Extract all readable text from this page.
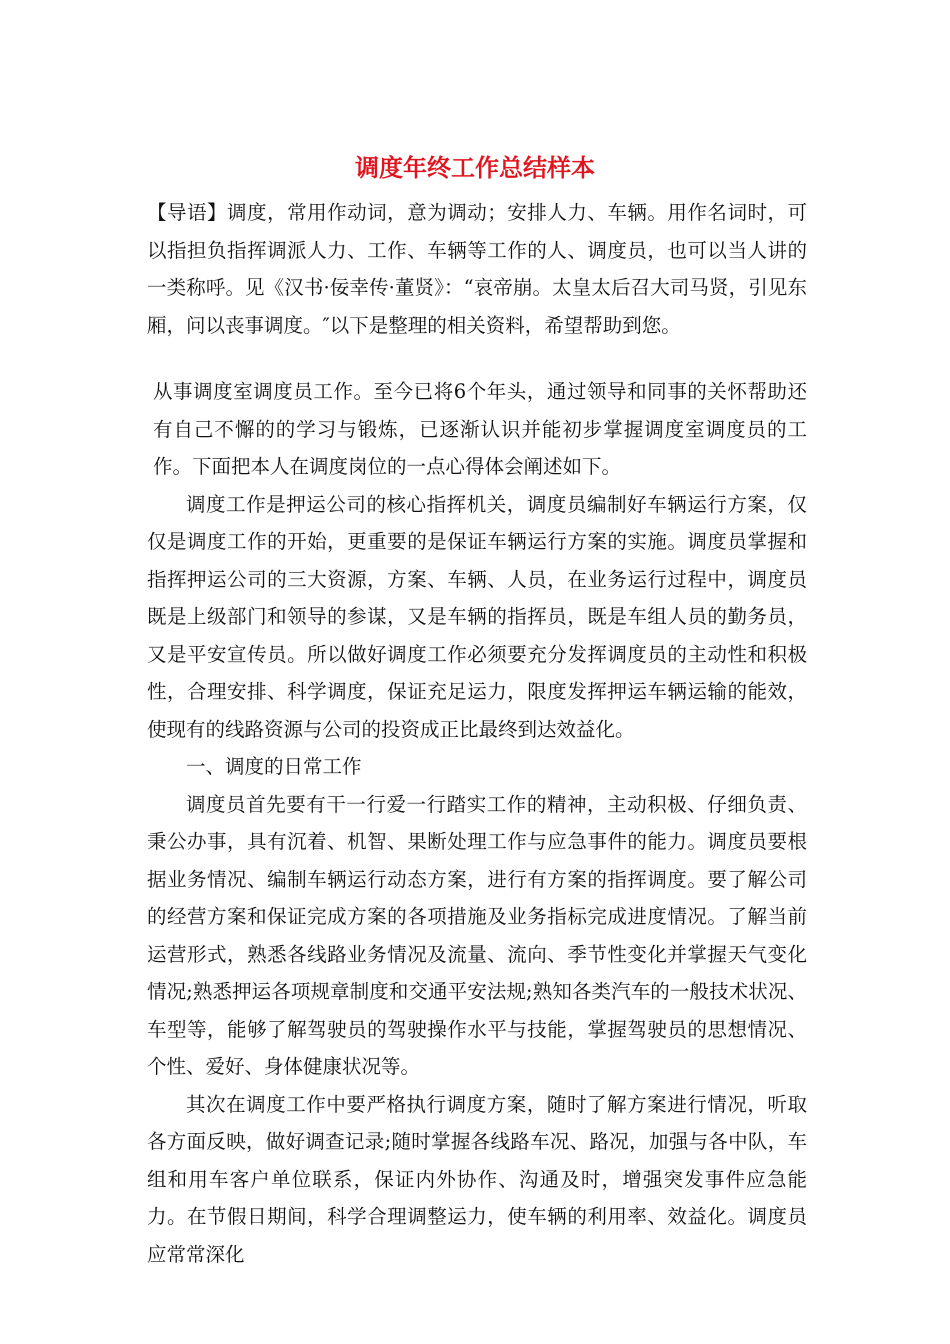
调度年终工作总结样本

【导语】调度，常用作动词，意为调动；安排人力、车辆。用作名词时，可以指担负指挥调派人力、工作、车辆等工作的人、调度员，也可以当人讲的一类称呼。见《汉书·佞幸传·董贤》：“哀帝崩。太皇太后召大司马贤，引见东厢，问以丧事调度。″以下是整理的相关资料，希望帮助到您。

从事调度室调度员工作。至今已将6个年头，通过领导和同事的关怀帮助还有自己不懈的的学习与锻炼，已逐渐认识并能初步掌握调度室调度员的工作。下面把本人在调度岗位的一点心得体会阐述如下。

调度工作是押运公司的核心指挥机关，调度员编制好车辆运行方案，仅仅是调度工作的开始，更重要的是保证车辆运行方案的实施。调度员掌握和指挥押运公司的三大资源，方案、车辆、人员，在业务运行过程中，调度员既是上级部门和领导的参谋，又是车辆的指挥员，既是车组人员的勤务员，又是平安宣传员。所以做好调度工作必须要充分发挥调度员的主动性和积极性，合理安排、科学调度，保证充足运力，限度发挥押运车辆运输的能效，使现有的线路资源与公司的投资成正比最终到达效益化。

一、调度的日常工作

调度员首先要有干一行爱一行踏实工作的精神，主动积极、仔细负责、秉公办事，具有沉着、机智、果断处理工作与应急事件的能力。调度员要根据业务情况、编制车辆运行动态方案，进行有方案的指挥调度。要了解公司的经营方案和保证完成方案的各项措施及业务指标完成进度情况。了解当前运营形式，熟悉各线路业务情况及流量、流向、季节性变化并掌握天气变化情况;熟悉押运各项规章制度和交通平安法规;熟知各类汽车的一般技术状况、车型等，能够了解驾驶员的驾驶操作水平与技能，掌握驾驶员的思想情况、个性、爱好、身体健康状况等。

其次在调度工作中要严格执行调度方案，随时了解方案进行情况，听取各方面反映，做好调查记录;随时掌握各线路车况、路况，加强与各中队，车组和用车客户单位联系，保证内外协作、沟通及时，增强突发事件应急能力。在节假日期间，科学合理调整运力，使车辆的利用率、效益化。调度员应常常深化
